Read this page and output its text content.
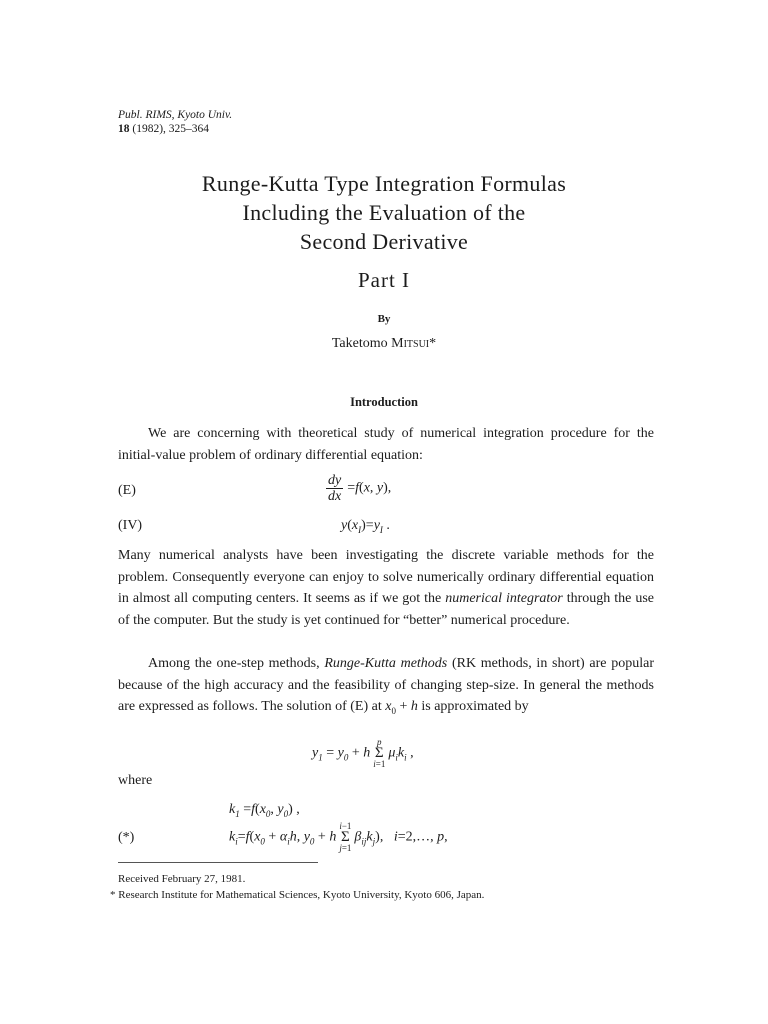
Publ. RIMS, Kyoto Univ.
18 (1982), 325–364
Runge-Kutta Type Integration Formulas
Including the Evaluation of the
Second Derivative
Part I
By
Taketomo Mitsui*
Introduction

We are concerning with theoretical study of numerical integration procedure for the initial-value problem of ordinary differential equation:

(E)	$\frac{dy}{dx} =f(x$, y),
(IV)	$y(x_I)=y_I$ .

Many numerical analysts have been investigating the discrete variable methods for the problem. Consequently everyone can enjoy to solve numerically ordinary differential equation in almost all computing centers. It seems as if we got the numerical integrator through the use of the computer. But the study is yet continued for “better” numerical procedure.

Among the one-step methods, Runge-Kutta methods (RK methods, in short) are popular because of the high accuracy and the feasibility of changing step-size. In general the methods are expressed as follows. The solution of (E) at $x_0 + h$ is approximated by

$y_1 = y_0$ + hp
Σ
$i=1\mu_ik_i$ ,
where
$k_1 =f(x_0$, $y_0$) ,
(*)	$k_i=f(x_0 + \alpha_ih$, $y_0 + hi-1$
Σ
$j=1\beta_{ij}k_j$),   i=2,…, p,
Received February 27, 1981.
* Research Institute for Mathematical Sciences, Kyoto University, Kyoto 606, Japan.
